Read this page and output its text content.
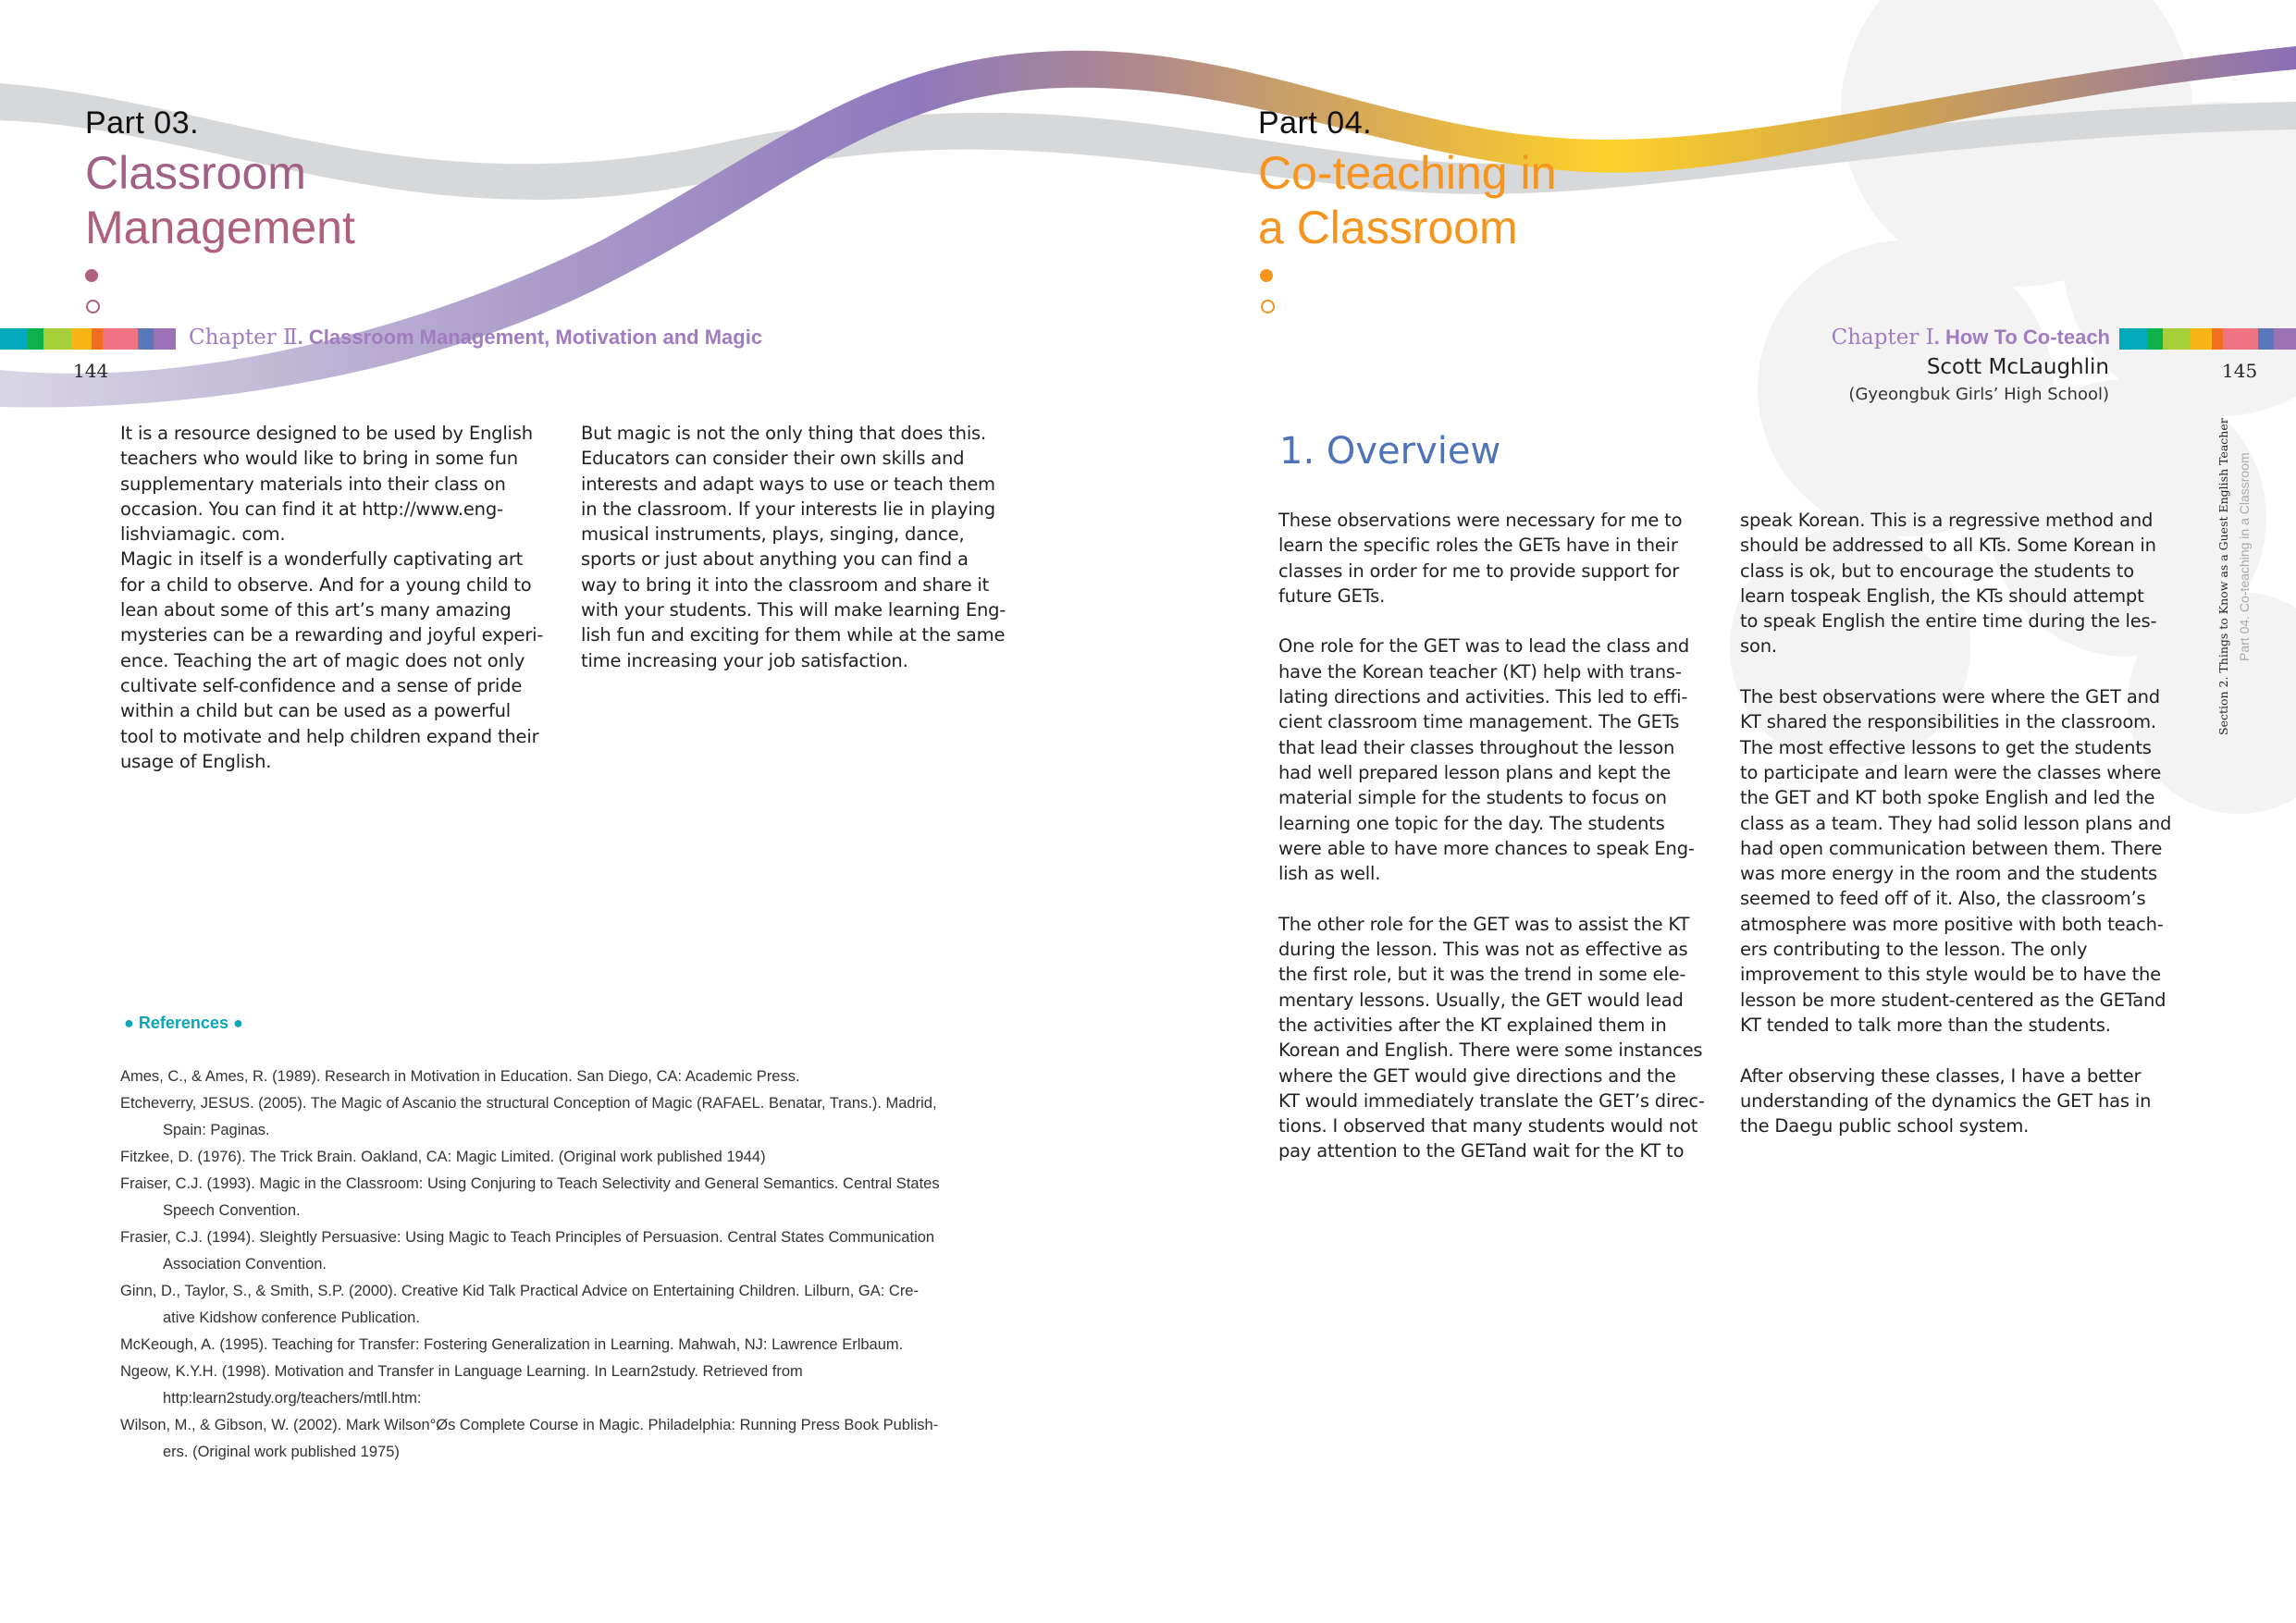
Part 03.
Classroom
Management
Chapter Ⅱ. Classroom Management, Motivation and Magic
144
It is a resource designed to be used by English
teachers who would like to bring in some fun
supplementary materials into their class on
occasion. You can find it at http://www.eng-
lishviamagic. com.
Magic in itself is a wonderfully captivating art
for a child to observe. And for a young child to
lean about some of this art’s many amazing
mysteries can be a rewarding and joyful experi-
ence. Teaching the art of magic does not only
cultivate self-confidence and a sense of pride
within a child but can be used as a powerful
tool to motivate and help children expand their
usage of English.
But magic is not the only thing that does this.
Educators can consider their own skills and
interests and adapt ways to use or teach them
in the classroom. If your interests lie in playing
musical instruments, plays, singing, dance,
sports or just about anything you can find a
way to bring it into the classroom and share it
with your students. This will make learning Eng-
lish fun and exciting for them while at the same
time increasing your job satisfaction.
● References ●
Ames, C., & Ames, R. (1989). Research in Motivation in Education. San Diego, CA: Academic Press.
Etcheverry, JESUS. (2005). The Magic of Ascanio the structural Conception of Magic (RAFAEL. Benatar, Trans.). Madrid,
Spain: Paginas.
Fitzkee, D. (1976). The Trick Brain. Oakland, CA: Magic Limited. (Original work published 1944)
Fraiser, C.J. (1993). Magic in the Classroom: Using Conjuring to Teach Selectivity and General Semantics. Central States
Speech Convention.
Frasier, C.J. (1994). Sleightly Persuasive: Using Magic to Teach Principles of Persuasion. Central States Communication
Association Convention.
Ginn, D., Taylor, S., & Smith, S.P. (2000). Creative Kid Talk Practical Advice on Entertaining Children. Lilburn, GA: Cre-
ative Kidshow conference Publication.
McKeough, A. (1995). Teaching for Transfer: Fostering Generalization in Learning. Mahwah, NJ: Lawrence Erlbaum.
Ngeow, K.Y.H. (1998). Motivation and Transfer in Language Learning. In Learn2study. Retrieved from
http:learn2study.org/teachers/mtll.htm:
Wilson, M., & Gibson, W. (2002). Mark Wilson°Øs Complete Course in Magic. Philadelphia: Running Press Book Publish-
ers. (Original work published 1975)
Part 04.
Co-teaching in
a Classroom
Chapter Ⅰ. How To Co-teach
Scott McLaughlin
(Gyeongbuk Girls’ High School)
145
Section 2. Things to Know as a Guest English Teacher Part 04. Co-teaching in a Classroom
1. Overview
These observations were necessary for me to
learn the specific roles the GETs have in their
classes in order for me to provide support for
future GETs.
One role for the GET was to lead the class and
have the Korean teacher (KT) help with trans-
lating directions and activities. This led to effi-
cient classroom time management. The GETs
that lead their classes throughout the lesson
had well prepared lesson plans and kept the
material simple for the students to focus on
learning one topic for the day. The students
were able to have more chances to speak Eng-
lish as well.
The other role for the GET was to assist the KT
during the lesson. This was not as effective as
the first role, but it was the trend in some ele-
mentary lessons. Usually, the GET would lead
the activities after the KT explained them in
Korean and English. There were some instances
where the GET would give directions and the
KT would immediately translate the GET’s direc-
tions. I observed that many students would not
pay attention to the GETand wait for the KT to
speak Korean. This is a regressive method and
should be addressed to all KTs. Some Korean in
class is ok, but to encourage the students to
learn tospeak English, the KTs should attempt
to speak English the entire time during the les-
son.
The best observations were where the GET and
KT shared the responsibilities in the classroom.
The most effective lessons to get the students
to participate and learn were the classes where
the GET and KT both spoke English and led the
class as a team. They had solid lesson plans and
had open communication between them. There
was more energy in the room and the students
seemed to feed off of it. Also, the classroom’s
atmosphere was more positive with both teach-
ers contributing to the lesson. The only
improvement to this style would be to have the
lesson be more student-centered as the GETand
KT tended to talk more than the students.
After observing these classes, I have a better
understanding of the dynamics the GET has in
the Daegu public school system.
